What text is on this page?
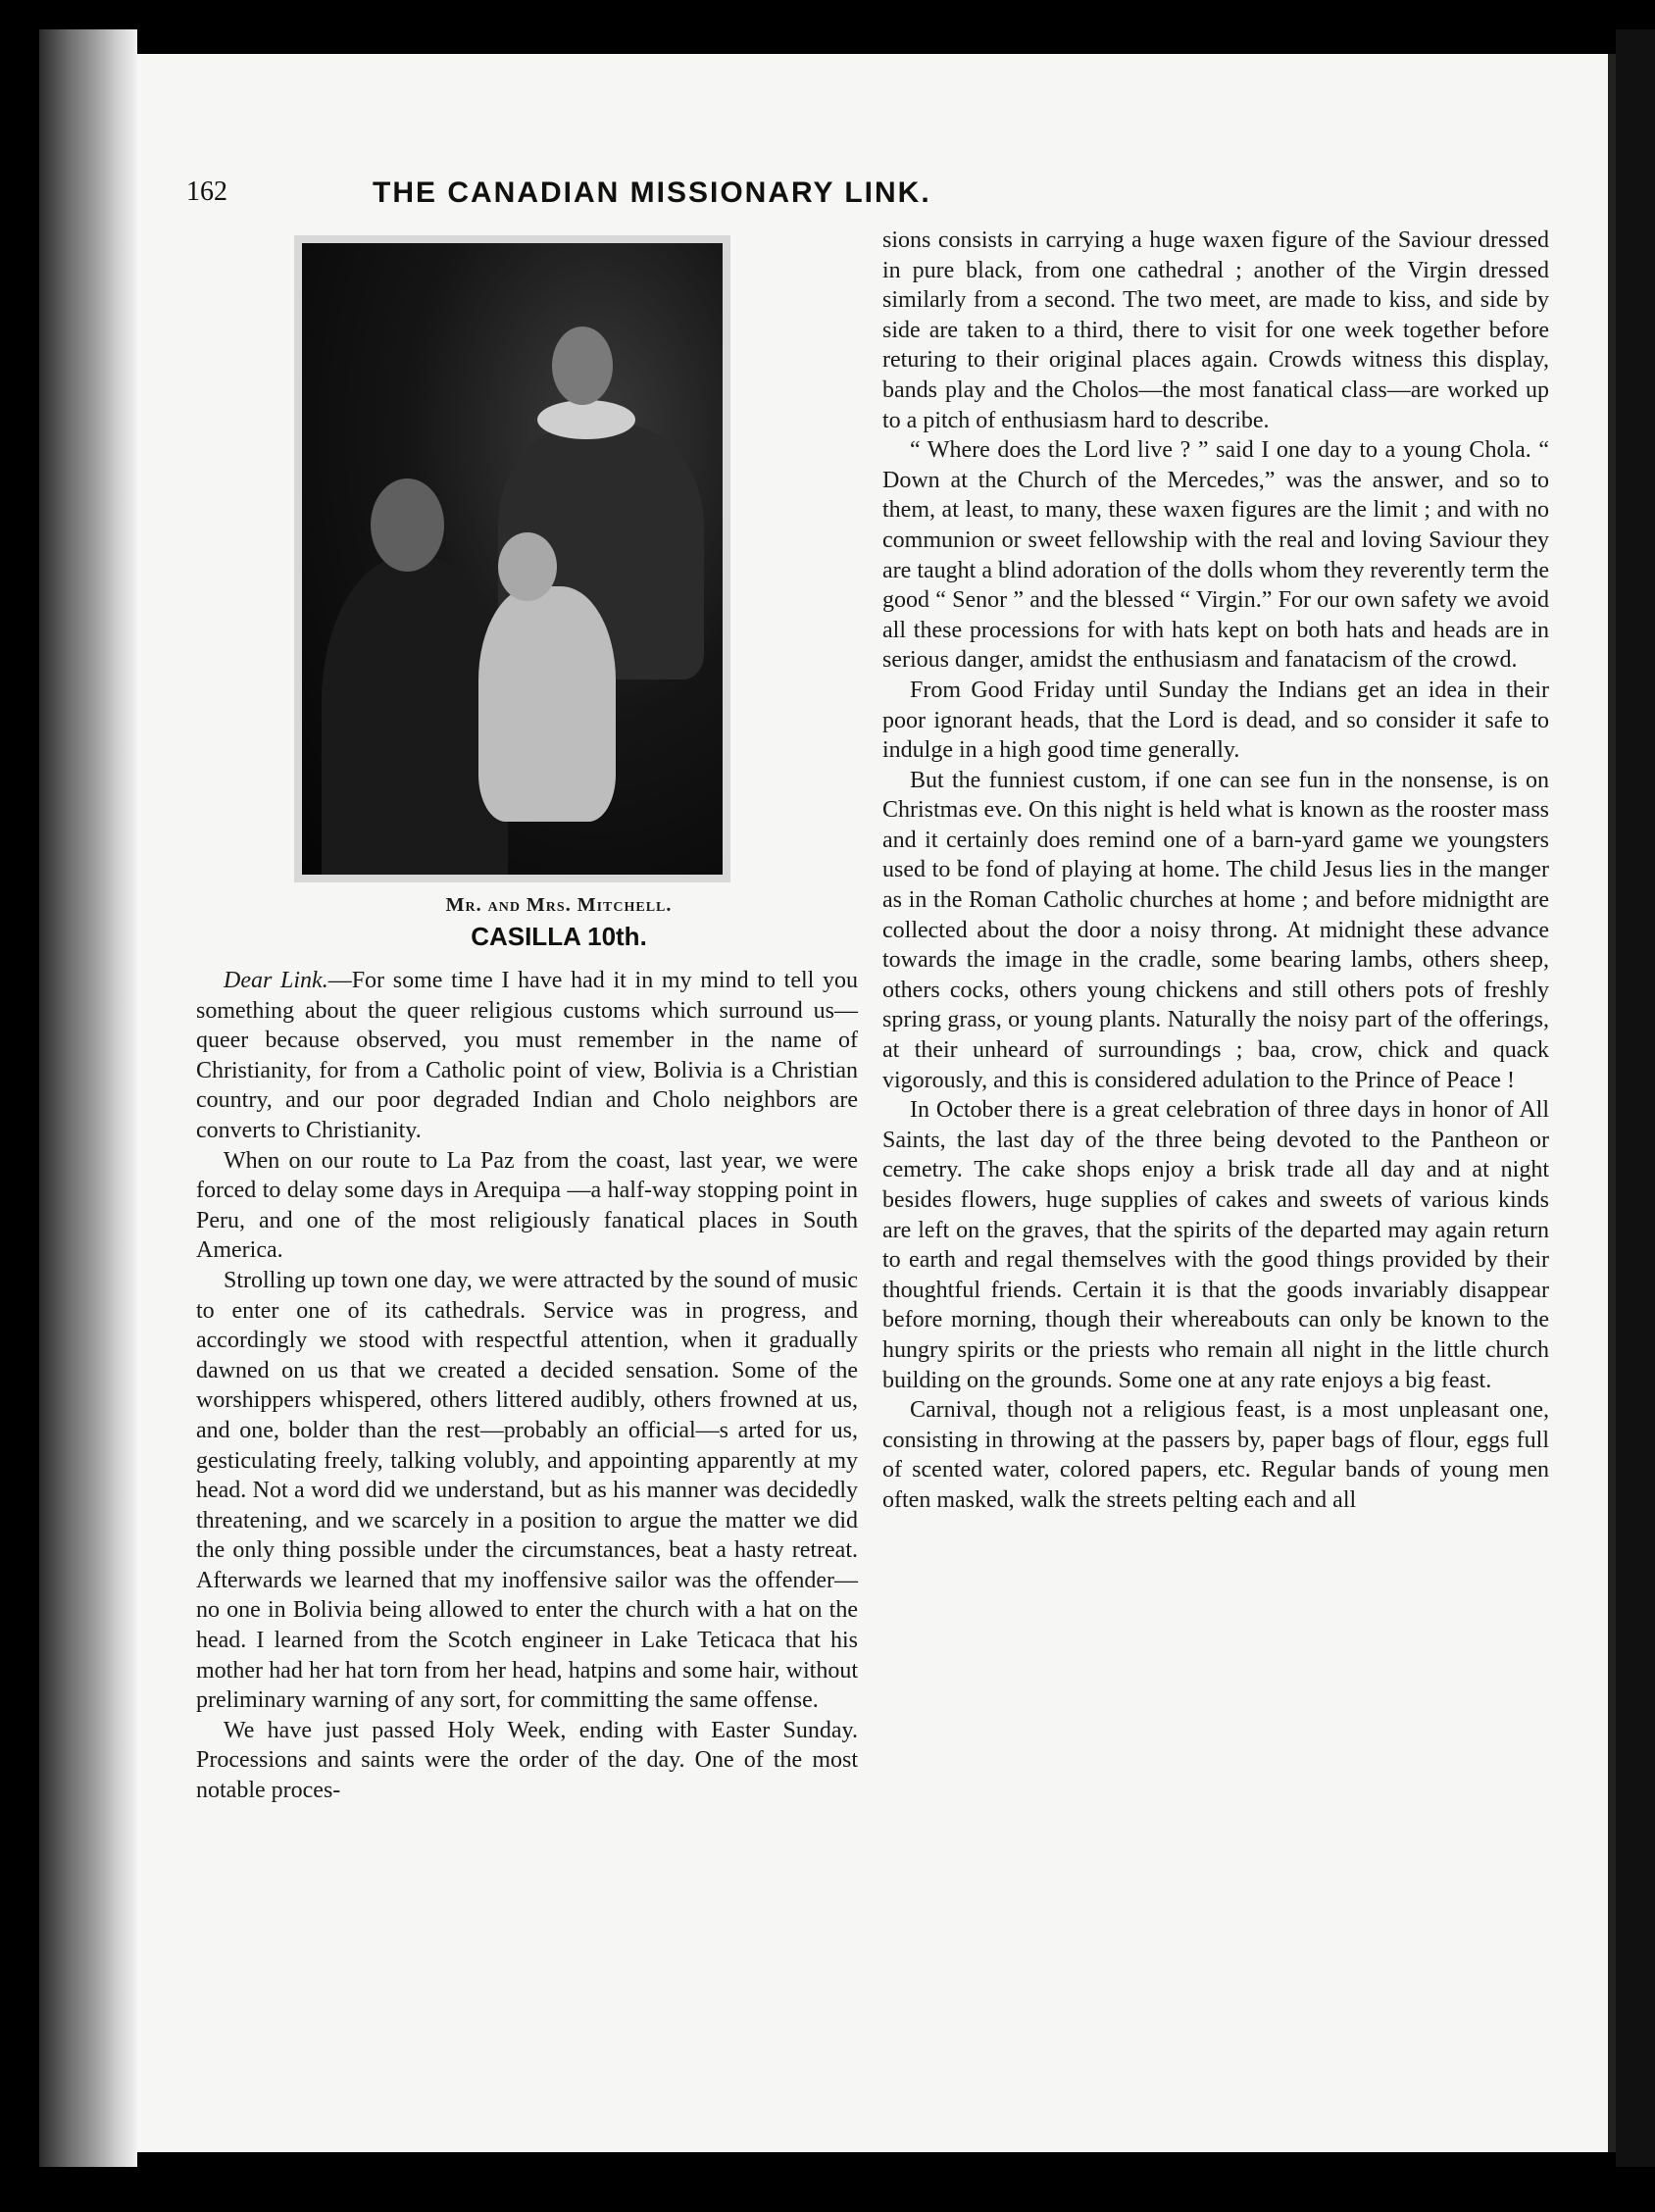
162	THE CANADIAN MISSIONARY LINK.
Mr. and Mrs. Mitchell.
CASILLA 10th.

Dear Link.—For some time I have had it in my mind to tell you something about the queer religious customs which surround us—queer because observed, you must remember in the name of Christianity, for from a Catholic point of view, Bolivia is a Christian country, and our poor degraded Indian and Cholo neighbors are converts to Christianity.

When on our route to La Paz from the coast, last year, we were forced to delay some days in Arequipa —a half-way stopping point in Peru, and one of the most religiously fanatical places in South America.

Strolling up town one day, we were attracted by the sound of music to enter one of its cathedrals. Service was in progress, and accordingly we stood with respectful attention, when it gradually dawned on us that we created a decided sensation. Some of the worshippers whispered, others littered audibly, others frowned at us, and one, bolder than the rest—probably an official—s arted for us, gesticulating freely, talking volubly, and appointing apparently at my head. Not a word did we understand, but as his manner was decidedly threatening, and we scarcely in a position to argue the matter we did the only thing possible under the circumstances, beat a hasty retreat. Afterwards we learned that my inoffensive sailor was the offender—no one in Bolivia being allowed to enter the church with a hat on the head. I learned from the Scotch engineer in Lake Teticaca that his mother had her hat torn from her head, hatpins and some hair, without preliminary warning of any sort, for committing the same offense.

We have just passed Holy Week, ending with Easter Sunday. Processions and saints were the order of the day. One of the most notable proces-

sions consists in carrying a huge waxen figure of the Saviour dressed in pure black, from one cathedral ; another of the Virgin dressed similarly from a second. The two meet, are made to kiss, and side by side are taken to a third, there to visit for one week together before returing to their original places again. Crowds witness this display, bands play and the Cholos—the most fanatical class—are worked up to a pitch of enthusiasm hard to describe.

“ Where does the Lord live ? ” said I one day to a young Chola. “ Down at the Church of the Mercedes,” was the answer, and so to them, at least, to many, these waxen figures are the limit ; and with no communion or sweet fellowship with the real and loving Saviour they are taught a blind adoration of the dolls whom they reverently term the good “ Senor ” and the blessed “ Virgin.” For our own safety we avoid all these processions for with hats kept on both hats and heads are in serious danger, amidst the enthusiasm and fanatacism of the crowd.

From Good Friday until Sunday the Indians get an idea in their poor ignorant heads, that the Lord is dead, and so consider it safe to indulge in a high good time generally.

But the funniest custom, if one can see fun in the nonsense, is on Christmas eve. On this night is held what is known as the rooster mass and it certainly does remind one of a barn-yard game we youngsters used to be fond of playing at home. The child Jesus lies in the manger as in the Roman Catholic churches at home ; and before midnigtht are collected about the door a noisy throng. At midnight these advance towards the image in the cradle, some bearing lambs, others sheep, others cocks, others young chickens and still others pots of freshly spring grass, or young plants. Naturally the noisy part of the offerings, at their unheard of surroundings ; baa, crow, chick and quack vigorously, and this is considered adulation to the Prince of Peace !

In October there is a great celebration of three days in honor of All Saints, the last day of the three being devoted to the Pantheon or cemetry. The cake shops enjoy a brisk trade all day and at night besides flowers, huge supplies of cakes and sweets of various kinds are left on the graves, that the spirits of the departed may again return to earth and regal themselves with the good things provided by their thoughtful friends. Certain it is that the goods invariably disappear before morning, though their whereabouts can only be known to the hungry spirits or the priests who remain all night in the little church building on the grounds. Some one at any rate enjoys a big feast.

Carnival, though not a religious feast, is a most unpleasant one, consisting in throwing at the passers by, paper bags of flour, eggs full of scented water, colored papers, etc. Regular bands of young men often masked, walk the streets pelting each and all
